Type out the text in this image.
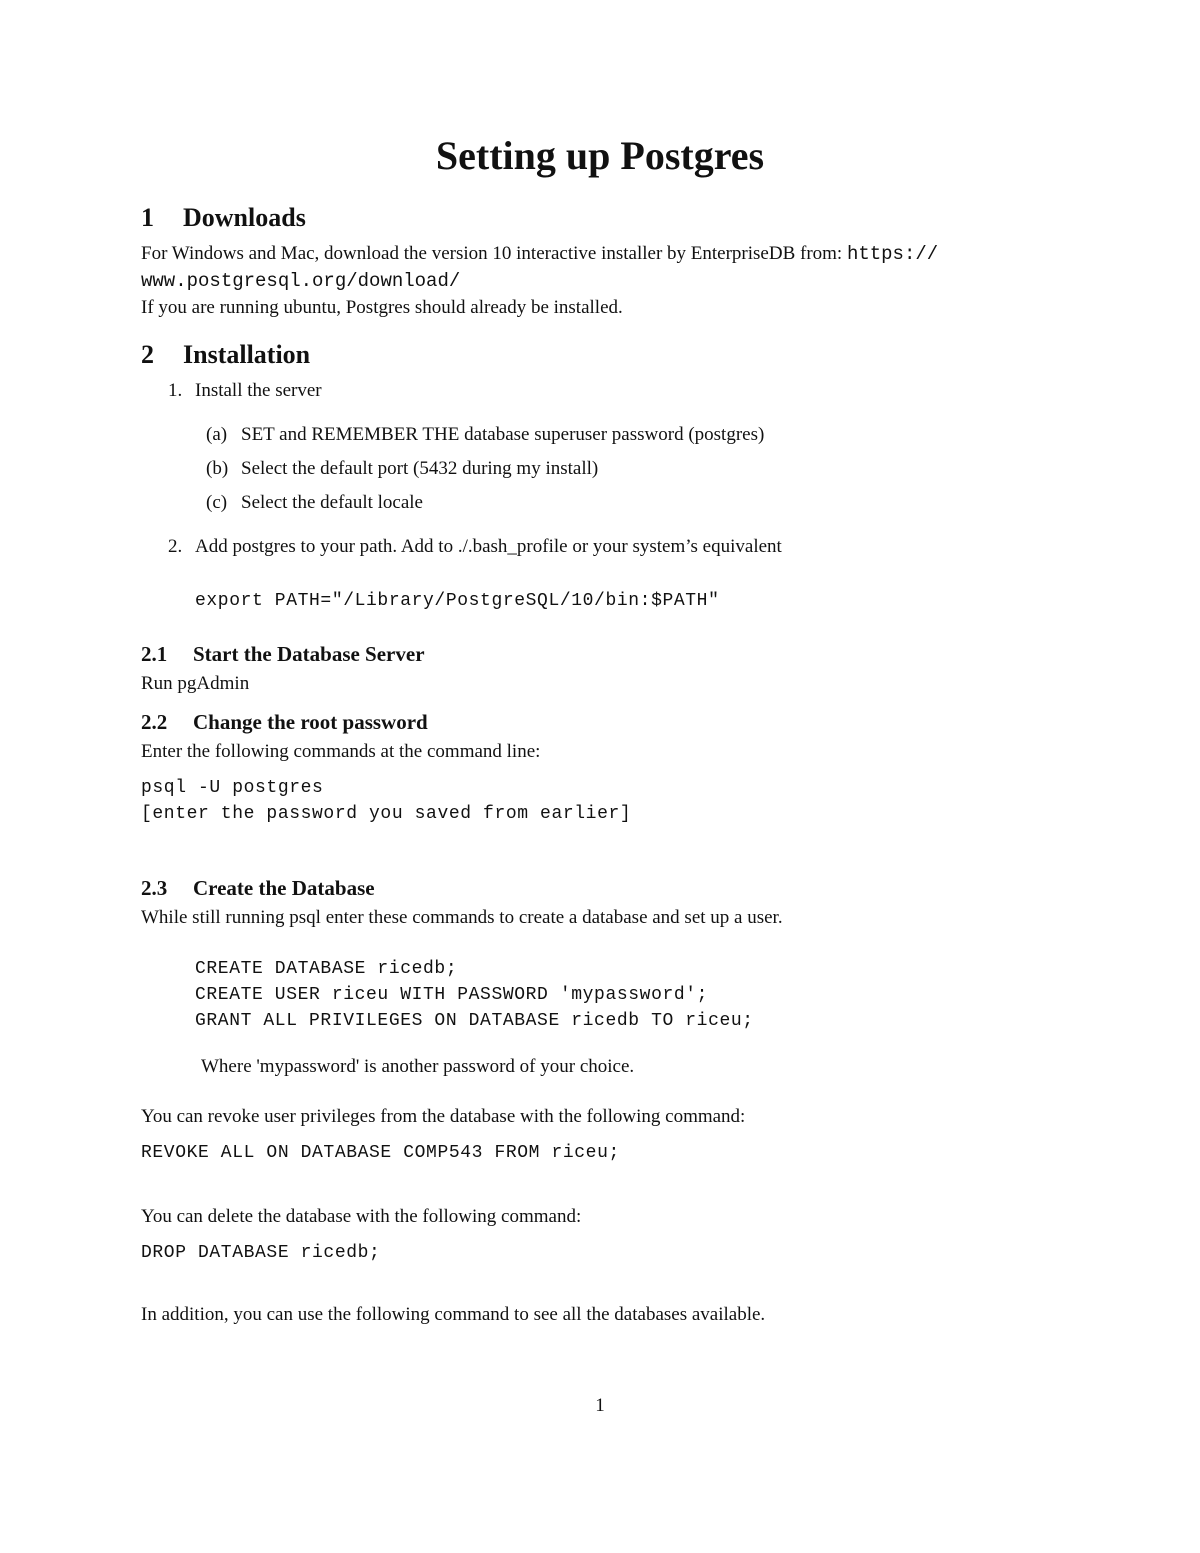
Setting up Postgres
1 Downloads
For Windows and Mac, download the version 10 interactive installer by EnterpriseDB from: https://
www.postgresql.org/download/
If you are running ubuntu, Postgres should already be installed.
2 Installation
1. Install the server
(a) SET and REMEMBER THE database superuser password (postgres)
(b) Select the default port (5432 during my install)
(c) Select the default locale
2. Add postgres to your path. Add to ./.bash_profile or your system’s equivalent
export PATH="/Library/PostgreSQL/10/bin:$PATH"
2.1 Start the Database Server
Run pgAdmin
2.2 Change the root password
Enter the following commands at the command line:
psql -U postgres
[enter the password you saved from earlier]
2.3 Create the Database
While still running psql enter these commands to create a database and set up a user.
CREATE DATABASE ricedb;
CREATE USER riceu WITH PASSWORD 'mypassword';
GRANT ALL PRIVILEGES ON DATABASE ricedb TO riceu;
Where 'mypassword' is another password of your choice.
You can revoke user privileges from the database with the following command:
REVOKE ALL ON DATABASE COMP543 FROM riceu;
You can delete the database with the following command:
DROP DATABASE ricedb;
In addition, you can use the following command to see all the databases available.
1
